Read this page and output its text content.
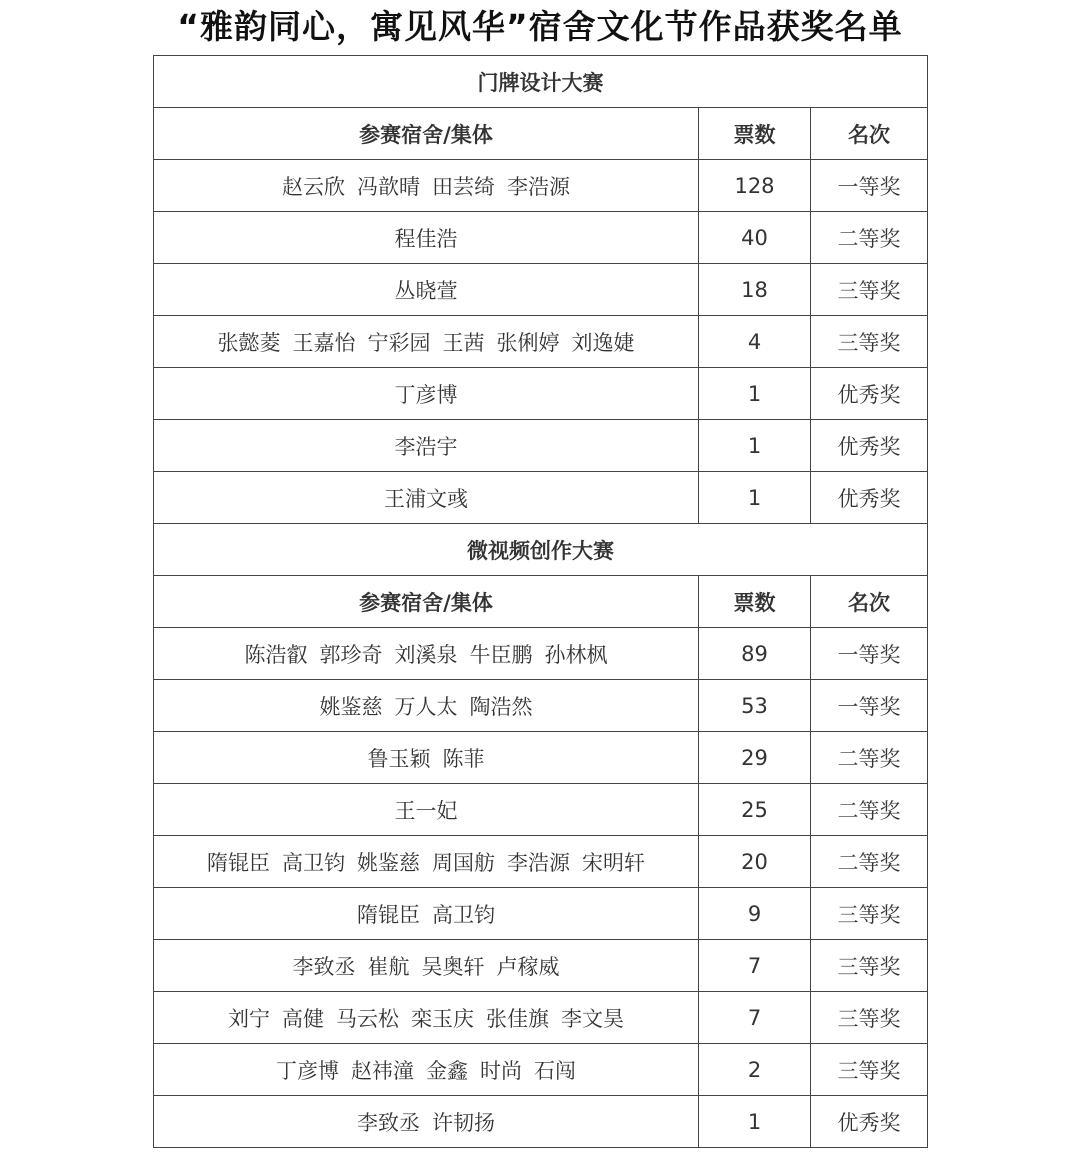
“雅韵同心，寓见风华”宿舍文化节作品获奖名单
门牌设计大赛		
参赛宿舍/集体	票数	名次
赵云欣 冯歆晴 田芸绮 李浩源	128	一等奖
程佳浩	40	二等奖
丛晓萱	18	三等奖
张懿菱 王嘉怡 宁彩园 王茜 张俐婷 刘逸婕	4	三等奖
丁彦博	1	优秀奖
李浩宇	1	优秀奖
王浦文彧	1	优秀奖
微视频创作大赛		
参赛宿舍/集体	票数	名次
陈浩叡 郭珍奇 刘溪泉 牛臣鹏 孙林枫	89	一等奖
姚鉴慈 万人太 陶浩然	53	一等奖
鲁玉颖 陈菲	29	二等奖
王一妃	25	二等奖
隋锟臣 高卫钧 姚鉴慈 周国舫 李浩源 宋明轩	20	二等奖
隋锟臣 高卫钧	9	三等奖
李致丞 崔航 吴奥轩 卢稼威	7	三等奖
刘宁 高健 马云松 栾玉庆 张佳旗 李文昊	7	三等奖
丁彦博 赵祎潼 金鑫 时尚 石闯	2	三等奖
李致丞 许韧扬	1	优秀奖
